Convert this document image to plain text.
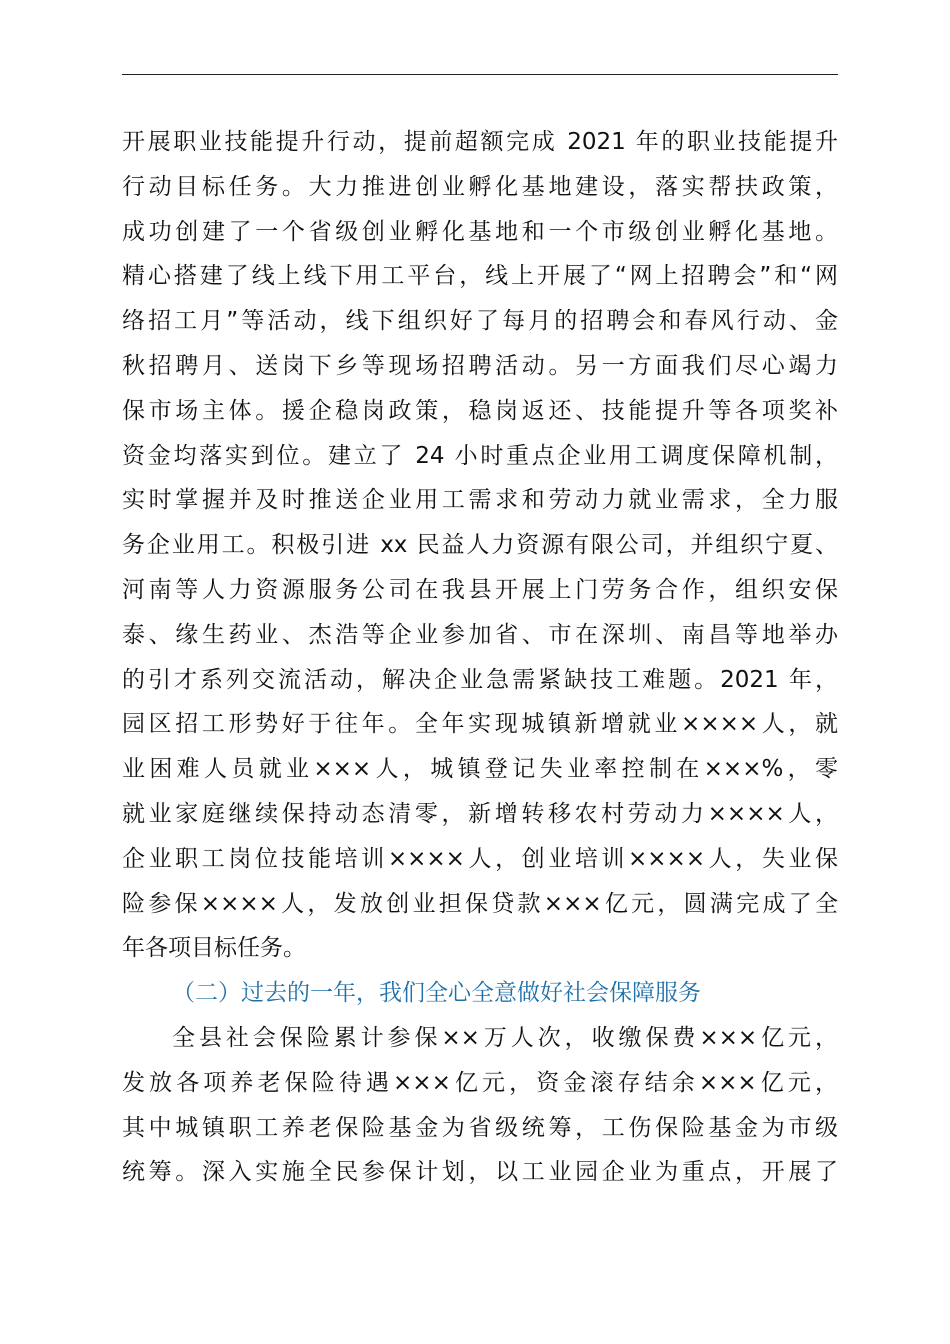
开展职业技能提升行动，提前超额完成 2021 年的职业技能提升
行动目标任务。大力推进创业孵化基地建设，落实帮扶政策，
成功创建了一个省级创业孵化基地和一个市级创业孵化基地。
精心搭建了线上线下用工平台，线上开展了“网上招聘会”和“网
络招工月”等活动，线下组织好了每月的招聘会和春风行动、金
秋招聘月、送岗下乡等现场招聘活动。另一方面我们尽心竭力
保市场主体。援企稳岗政策，稳岗返还、技能提升等各项奖补
资金均落实到位。建立了 24 小时重点企业用工调度保障机制，
实时掌握并及时推送企业用工需求和劳动力就业需求，全力服
务企业用工。积极引进 xx 民益人力资源有限公司，并组织宁夏、
河南等人力资源服务公司在我县开展上门劳务合作，组织安保
泰、缘生药业、杰浩等企业参加省、市在深圳、南昌等地举办
的引才系列交流活动，解决企业急需紧缺技工难题。2021 年，
园区招工形势好于往年。全年实现城镇新增就业××××人，就
业困难人员就业×××人，城镇登记失业率控制在×××%，零
就业家庭继续保持动态清零，新增转移农村劳动力××××人，
企业职工岗位技能培训××××人，创业培训××××人，失业保
险参保××××人，发放创业担保贷款×××亿元，圆满完成了全
年各项目标任务。
（二）过去的一年，我们全心全意做好社会保障服务
全县社会保险累计参保××万人次，收缴保费×××亿元，
发放各项养老保险待遇×××亿元，资金滚存结余×××亿元，
其中城镇职工养老保险基金为省级统筹，工伤保险基金为市级
统筹。深入实施全民参保计划，以工业园企业为重点，开展了
